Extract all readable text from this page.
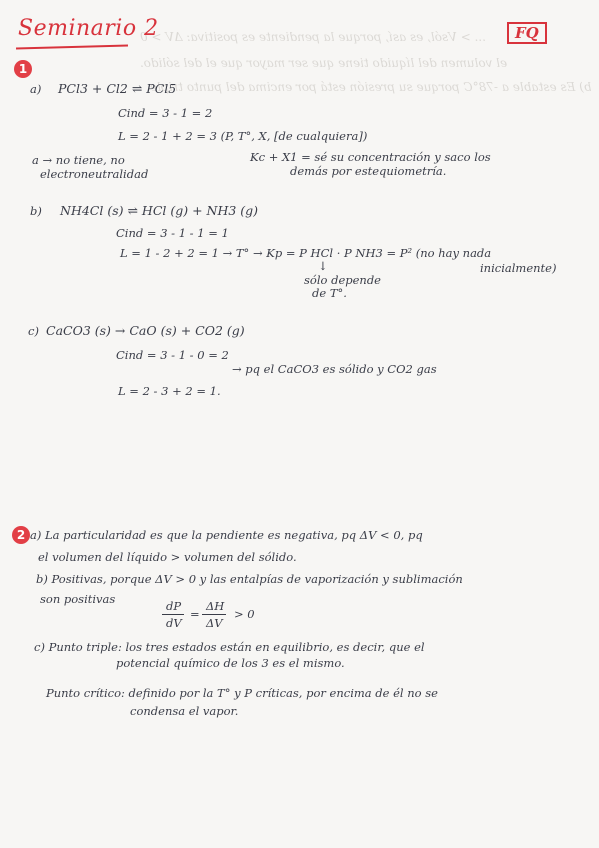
... > Vsól, es así, porque la pendiente es positiva: ΔV > 0
el volumen del líquido tiene que ser mayor que el del sólido.
b) Es estable a -78°C porque su presión está por encima del punto triple
Seminario 2	FQ
1
a) PCl3 + Cl2 ⇌ PCl5
Cind = 3 - 1 = 2
L = 2 - 1 + 2 = 3 (P, T°, X, [de cualquiera])
a → no tiene, no
electroneutralidad
Kc + X1 = sé su concentración y saco los
demás por estequiometría.
b) NH4Cl (s) ⇌ HCl (g) + NH3 (g)
Cind = 3 - 1 - 1 = 1
L = 1 - 2 + 2 = 1 → T° → Kp = P HCl · P NH3 = P² (no hay nada
inicialmente)
↓
sólo depende
de T°.
c) CaCO3 (s) → CaO (s) + CO2 (g)
Cind = 3 - 1 - 0 = 2
→ pq el CaCO3 es sólido y CO2 gas
L = 2 - 3 + 2 = 1.
2 a) La particularidad es que la pendiente es negativa, pq ΔV < 0, pq
el volumen del líquido > volumen del sólido.
b) Positivas, porque ΔV > 0 y las entalpías de vaporización y sublimación
son positivas	dP
dV
=
ΔH
ΔV
> 0
c) Punto triple: los tres estados están en equilibrio, es decir, que el
potencial químico de los 3 es el mismo.
Punto crítico: definido por la T° y P críticas, por encima de él no se
condensa el vapor.
